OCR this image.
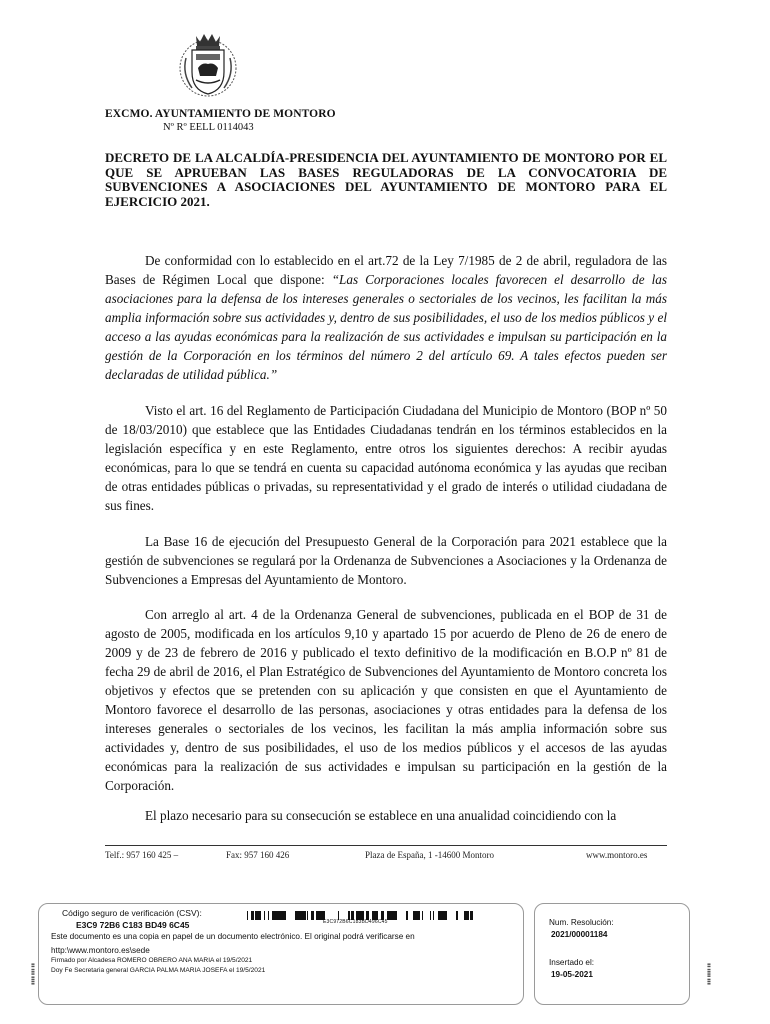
EXCMO. AYUNTAMIENTO DE MONTORO
Nº Rº EELL 0114043
DECRETO DE LA ALCALDÍA-PRESIDENCIA DEL AYUNTAMIENTO DE MONTORO POR EL QUE SE APRUEBAN LAS BASES REGULADORAS DE LA CONVOCATORIA DE SUBVENCIONES A ASOCIACIONES DEL AYUNTAMIENTO DE MONTORO PARA EL EJERCICIO 2021.
De conformidad con lo establecido en el art.72 de la Ley 7/1985 de 2 de abril, reguladora de las Bases de Régimen Local que dispone: “Las Corporaciones locales favorecen el desarrollo de las asociaciones para la defensa de los intereses generales o sectoriales de los vecinos, les facilitan la más amplia información sobre sus actividades y, dentro de sus posibilidades, el uso de los medios públicos y el acceso a las ayudas económicas para la realización de sus actividades e impulsan su participación en la gestión de la Corporación en los términos del número 2 del artículo 69. A tales efectos pueden ser declaradas de utilidad pública.”
Visto el art. 16 del Reglamento de Participación Ciudadana del Municipio de Montoro (BOP nº 50 de 18/03/2010) que establece que las Entidades Ciudadanas tendrán en los términos establecidos en la legislación específica y en este Reglamento, entre otros los siguientes derechos: A recibir ayudas económicas, para lo que se tendrá en cuenta su capacidad autónoma económica y las ayudas que reciban de otras entidades públicas o privadas, su representatividad y el grado de interés o utilidad ciudadana de sus fines.
La Base 16 de ejecución del Presupuesto General de la Corporación para 2021 establece que la gestión de subvenciones se regulará por la Ordenanza de Subvenciones a Asociaciones y la Ordenanza de Subvenciones a Empresas del Ayuntamiento de Montoro.
Con arreglo al art. 4 de la Ordenanza General de subvenciones, publicada en el BOP de 31 de agosto de 2005, modificada en los artículos 9,10 y apartado 15 por acuerdo de Pleno de 26 de enero de 2009 y de 23 de febrero de 2016 y publicado el texto definitivo de la modificación en B.O.P nº 81 de fecha 29 de abril de 2016, el Plan Estratégico de Subvenciones del Ayuntamiento de Montoro concreta los objetivos y efectos que se pretenden con su aplicación y que consisten en que el Ayuntamiento de Montoro favorece el desarrollo de las personas, asociaciones y otras entidades para la defensa de los intereses generales o sectoriales de los vecinos, les facilitan la más amplia información sobre sus actividades y, dentro de sus posibilidades, el uso de los medios públicos y el accesos de las ayudas económicas para la realización de sus actividades e impulsan su participación en la gestión de la Corporación.
El plazo necesario para su consecución se establece en una anualidad coincidiendo con la
Telf.: 957 160 425 –	Fax: 957 160 426	Plaza de España, 1 -14600 Montoro	www.montoro.es
Código seguro de verificación (CSV):
E3C9 72B6 C183 BD49 6C45	E3C972B6C183BD496C45
Este documento es una copia en papel de un documento electrónico. El original podrá verificarse en
http:\www.montoro.es\sede
Firmado por Alcadesa ROMERO OBRERO ANA MARIA el 19/5/2021
Doy Fe Secretaria general GARCIA PALMA MARIA JOSEFA el 19/5/2021
Num. Resolución:
2021/00001184
Insertado el:
19-05-2021
▮▮▮▮ ▮▮▮ ▮▮	▮▮▮ ▮▮▮▮ ▮▮
